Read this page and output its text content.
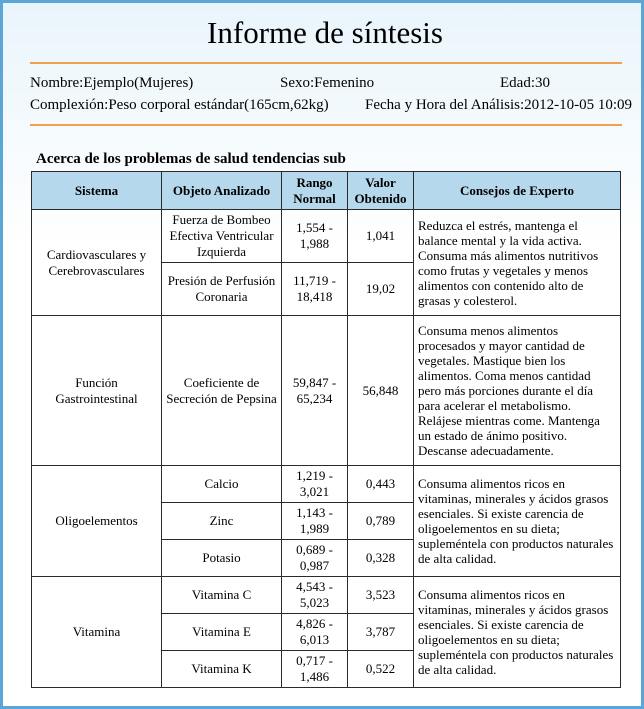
Informe de síntesis
Nombre:Ejemplo(Mujeres)	Sexo:Femenino	Edad:30
Complexión:Peso corporal estándar(165cm,62kg) Fecha y Hora del Análisis:2012-10-05 10:09
Acerca de los problemas de salud tendencias sub
Sistema	Objeto Analizado	Rango Normal	Valor Obtenido	Consejos de Experto
Cardiovasculares y Cerebrovasculares	Fuerza de Bombeo Efectiva Ventricular Izquierda	1,554 - 1,988	1,041	Reduzca el estrés, mantenga el balance mental y la vida activa. Consuma más alimentos nutritivos como frutas y vegetales y menos alimentos con contenido alto de grasas y colesterol.
	Presión de Perfusión Coronaria	11,719 - 18,418	19,02	
Función Gastrointestinal	Coeficiente de Secreción de Pepsina	59,847 - 65,234	56,848	Consuma menos alimentos procesados y mayor cantidad de vegetales. Mastique bien los alimentos. Coma menos cantidad pero más porciones durante el día para acelerar el metabolismo. Relájese mientras come. Mantenga un estado de ánimo positivo. Descanse adecuadamente.
Oligoelementos	Calcio	1,219 - 3,021	0,443	Consuma alimentos ricos en vitaminas, minerales y ácidos grasos esenciales. Si existe carencia de oligoelementos en su dieta; supleméntela con productos naturales de alta calidad.
	Zinc	1,143 - 1,989	0,789	
	Potasio	0,689 - 0,987	0,328	
Vitamina	Vitamina C	4,543 - 5,023	3,523	Consuma alimentos ricos en vitaminas, minerales y ácidos grasos esenciales. Si existe carencia de oligoelementos en su dieta; supleméntela con productos naturales de alta calidad.
	Vitamina E	4,826 - 6,013	3,787	
	Vitamina K	0,717 - 1,486	0,522	
